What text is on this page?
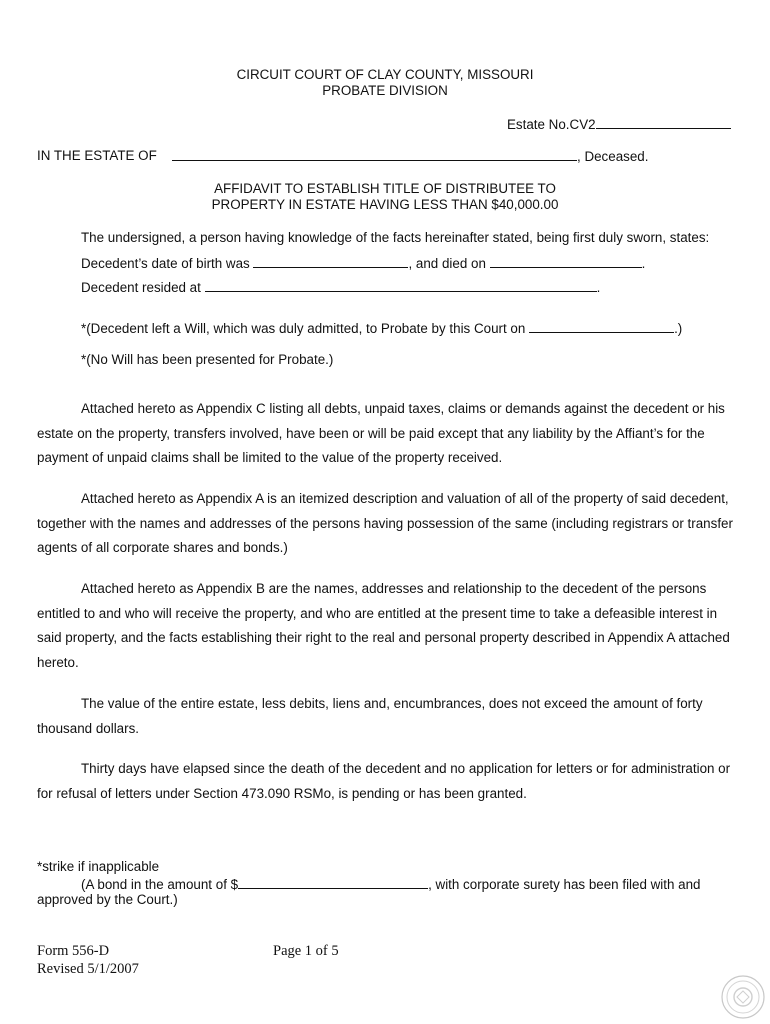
CIRCUIT COURT OF CLAY COUNTY, MISSOURI
PROBATE DIVISION
Estate No.CV2
IN THE ESTATE OF	, Deceased.
AFFIDAVIT TO ESTABLISH TITLE OF DISTRIBUTEE TO
PROPERTY IN ESTATE HAVING LESS THAN $40,000.00
The undersigned, a person having knowledge of the facts hereinafter stated, being first duly sworn, states:
Decedent’s date of birth was	, and died on	.
Decedent resided at	.
*(Decedent left a Will, which was duly admitted, to Probate by this Court on	.)
*(No Will has been presented for Probate.)
Attached hereto as Appendix C listing all debts, unpaid taxes, claims or demands against the decedent or his estate on the property, transfers involved, have been or will be paid except that any liability by the Affiant’s for the payment of unpaid claims shall be limited to the value of the property received.
Attached hereto as Appendix A is an itemized description and valuation of all of the property of said decedent, together with the names and addresses of the persons having possession of the same (including registrars or transfer agents of all corporate shares and bonds.)
Attached hereto as Appendix B are the names, addresses and relationship to the decedent of the persons entitled to and who will receive the property, and who are entitled at the present time to take a defeasible interest in said property, and the facts establishing their right to the real and personal property described in Appendix A attached hereto.
The value of the entire estate, less debits, liens and, encumbrances, does not exceed the amount of forty thousand dollars.
Thirty days have elapsed since the death of the decedent and no application for letters or for administration or for refusal of letters under Section 473.090 RSMo, is pending or has been granted.
*strike if inapplicable
(A bond in the amount of $	, with corporate surety has been filed with and
approved by the Court.)
Form 556-D
Revised 5/1/2007
Page 1 of 5
